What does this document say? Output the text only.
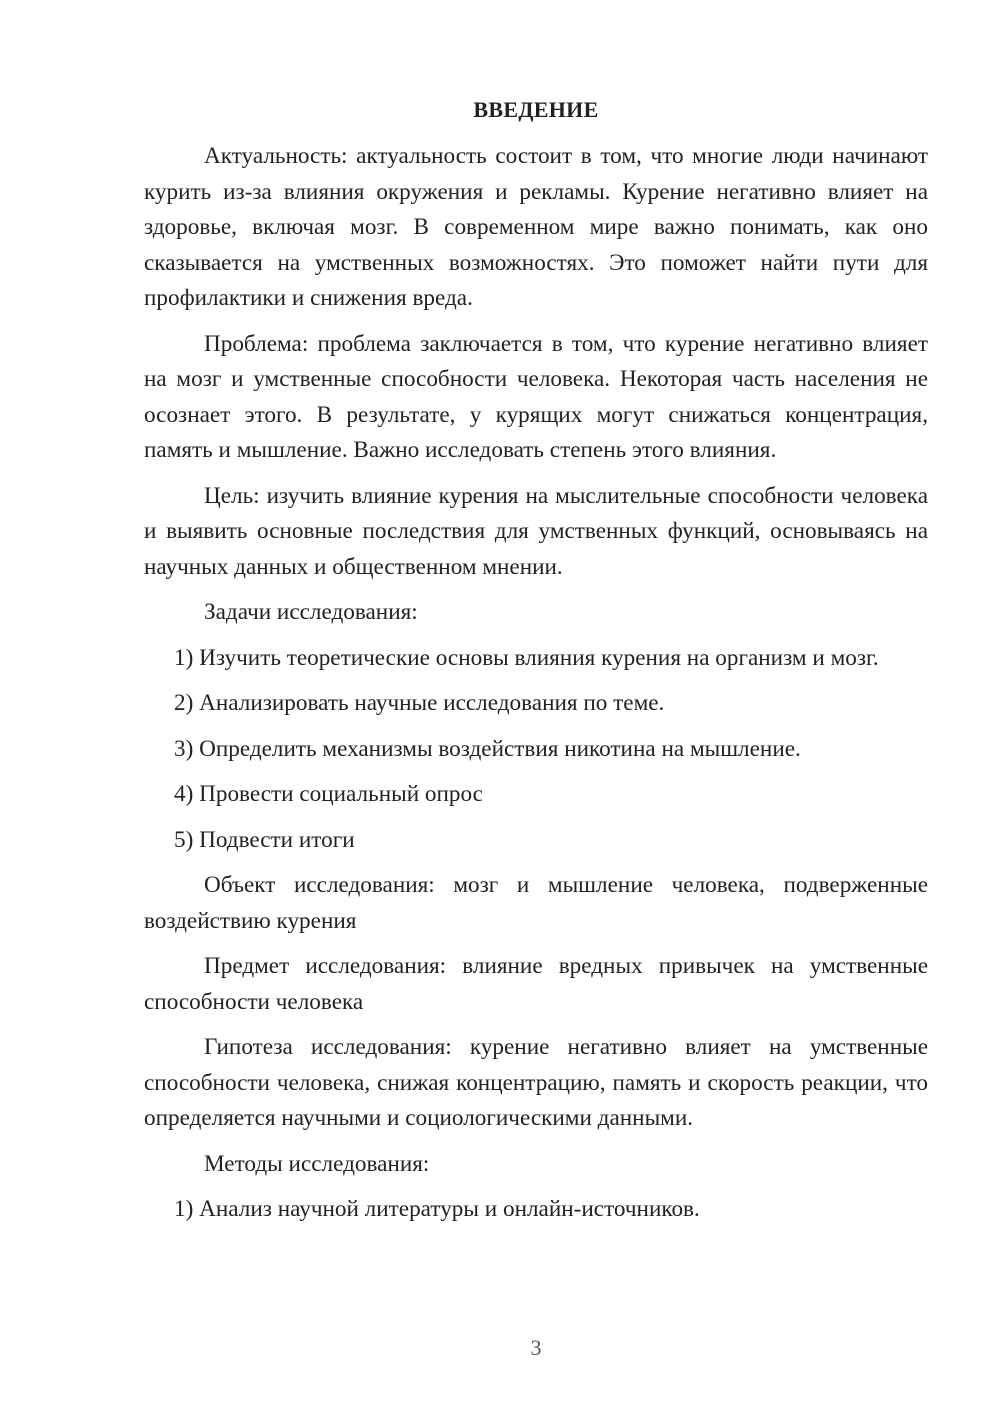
ВВЕДЕНИЕ

Актуальность: актуальность состоит в том, что многие люди начинают курить из-за влияния окружения и рекламы. Курение негативно влияет на здоровье, включая мозг. В современном мире важно понимать, как оно сказывается на умственных возможностях. Это поможет найти пути для профилактики и снижения вреда.

Проблема: проблема заключается в том, что курение негативно влияет на мозг и умственные способности человека. Некоторая часть населения не осознает этого. В результате, у курящих могут снижаться концентрация, память и мышление. Важно исследовать степень этого влияния.

Цель: изучить влияние курения на мыслительные способности человека и выявить основные последствия для умственных функций, основываясь на научных данных и общественном мнении.

Задачи исследования:

1) Изучить теоретические основы влияния курения на организм и мозг.

2) Анализировать научные исследования по теме.

3) Определить механизмы воздействия никотина на мышление.

4) Провести социальный опрос

5) Подвести итоги

Объект исследования: мозг и мышление человека, подверженные воздействию курения

Предмет исследования: влияние вредных привычек на умственные способности человека

Гипотеза исследования: курение негативно влияет на умственные способности человека, снижая концентрацию, память и скорость реакции, что определяется научными и социологическими данными.

Методы исследования:

1) Анализ научной литературы и онлайн-источников.

3
